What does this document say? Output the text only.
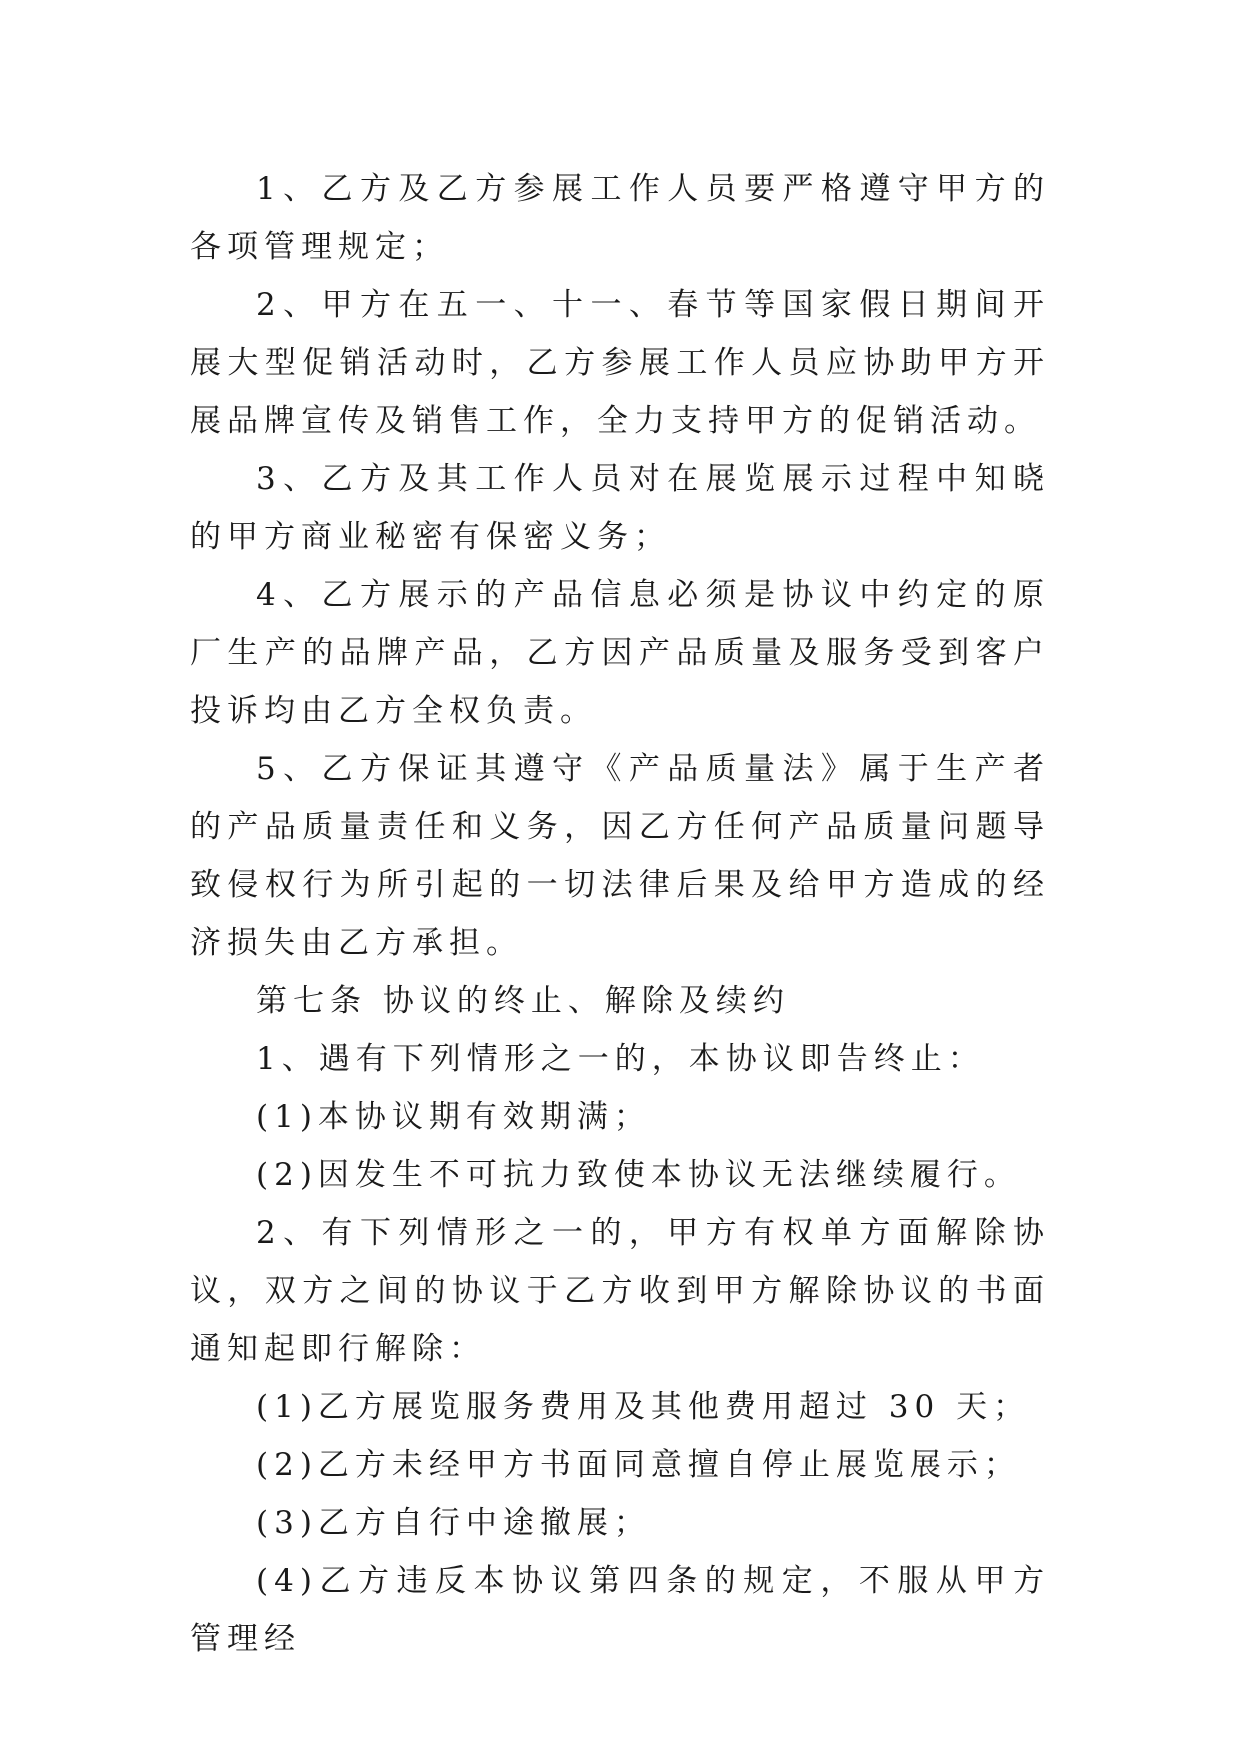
1、乙方及乙方参展工作人员要严格遵守甲方的各项管理规定；

2、甲方在五一、十一、春节等国家假日期间开展大型促销活动时，乙方参展工作人员应协助甲方开展品牌宣传及销售工作，全力支持甲方的促销活动。

3、乙方及其工作人员对在展览展示过程中知晓的甲方商业秘密有保密义务；

4、乙方展示的产品信息必须是协议中约定的原厂生产的品牌产品，乙方因产品质量及服务受到客户投诉均由乙方全权负责。

5、乙方保证其遵守《产品质量法》属于生产者的产品质量责任和义务，因乙方任何产品质量问题导致侵权行为所引起的一切法律后果及给甲方造成的经济损失由乙方承担。

第七条 协议的终止、解除及续约

1、遇有下列情形之一的，本协议即告终止：

(1)本协议期有效期满；

(2)因发生不可抗力致使本协议无法继续履行。

2、有下列情形之一的，甲方有权单方面解除协议，双方之间的协议于乙方收到甲方解除协议的书面通知起即行解除：

(1)乙方展览服务费用及其他费用超过 30 天；

(2)乙方未经甲方书面同意擅自停止展览展示；

(3)乙方自行中途撤展；

(4)乙方违反本协议第四条的规定，不服从甲方管理经
